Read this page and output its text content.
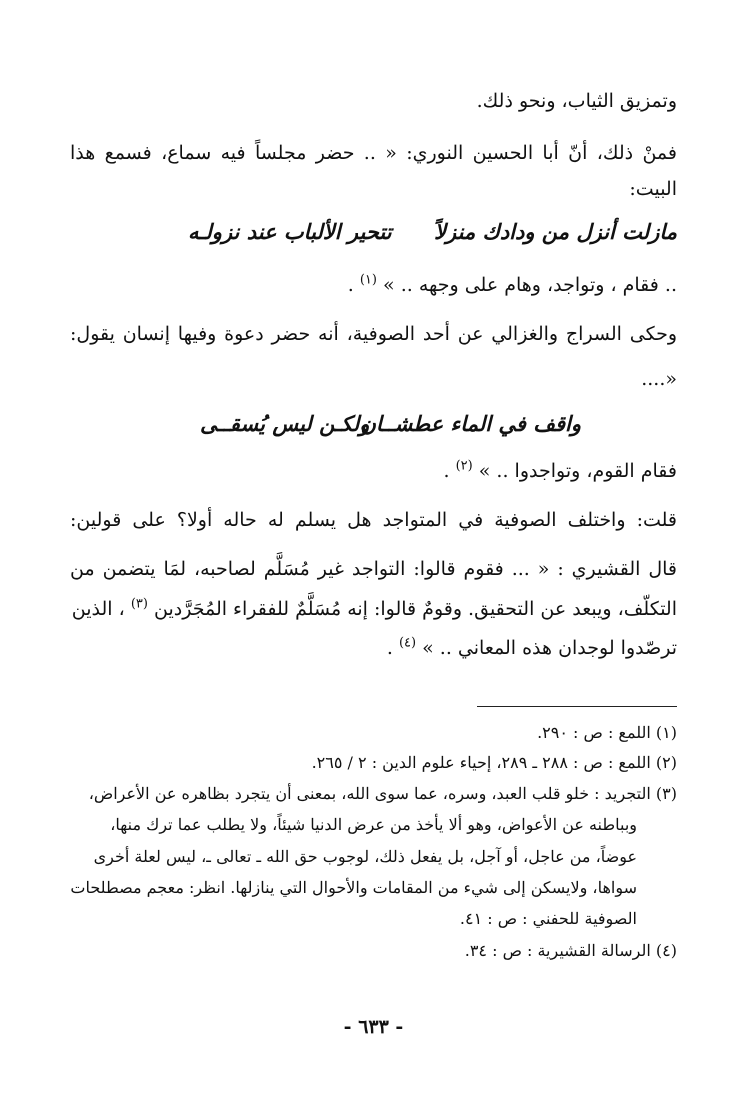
وتمزيق الثياب، ونحو ذلك.
فمنْ ذلك، أنّ أبا الحسين النوري: « .. حضر مجلساً فيه سماع، فسمع هذا
البيت:
مازلت أنزل من ودادك منزلاً
تتحير الألباب عند نزولـه
.. فقام ، وتواجد، وهام على وجهه .. » $^{(١)}$ .
وحكى السراج والغزالي عن أحد الصوفية، أنه حضر دعوة وفيها إنسان يقول:
«....
واقف في الماء عطشــان
ولكـن ليس يُسقــى
فقام القوم، وتواجدوا .. » $^{(٢)}$ .
قلت: واختلف الصوفية في المتواجد هل يسلم له حاله أولا؟ على قولين:
قال القشيري : « ... فقوم قالوا: التواجد غير مُسَلَّم لصاحبه، لمَا يتضمن من
التكلّف، ويبعد عن التحقيق. وقومٌ قالوا: إنه مُسَلَّمٌ للفقراء المُجَرَّدين $^{(٣)}$ ، الذين
ترصّدوا لوجدان هذه المعاني .. » $^{(٤)}$ .
(١) اللمع : ص : ٢٩٠.
(٢) اللمع : ص : ٢٨٨ ـ ٢٨٩، إحياء علوم الدين : ٢ / ٢٦٥.
(٣) التجريد : خلو قلب العبد، وسره، عما سوى الله، بمعنى أن يتجرد بظاهره عن الأعراض،
وبباطنه عن الأعواض، وهو ألا يأخذ من عرض الدنيا شيئاً، ولا يطلب عما ترك منها،
عوضاً، من عاجل، أو آجل، بل يفعل ذلك، لوجوب حق الله ـ تعالى ـ، ليس لعلة أخرى
سواها، ولايسكن إلى شيء من المقامات والأحوال التي ينازلها. انظر: معجم مصطلحات
الصوفية للحفني : ص : ٤١.
(٤) الرسالة القشيرية : ص : ٣٤.
- ٦٣٣ -
